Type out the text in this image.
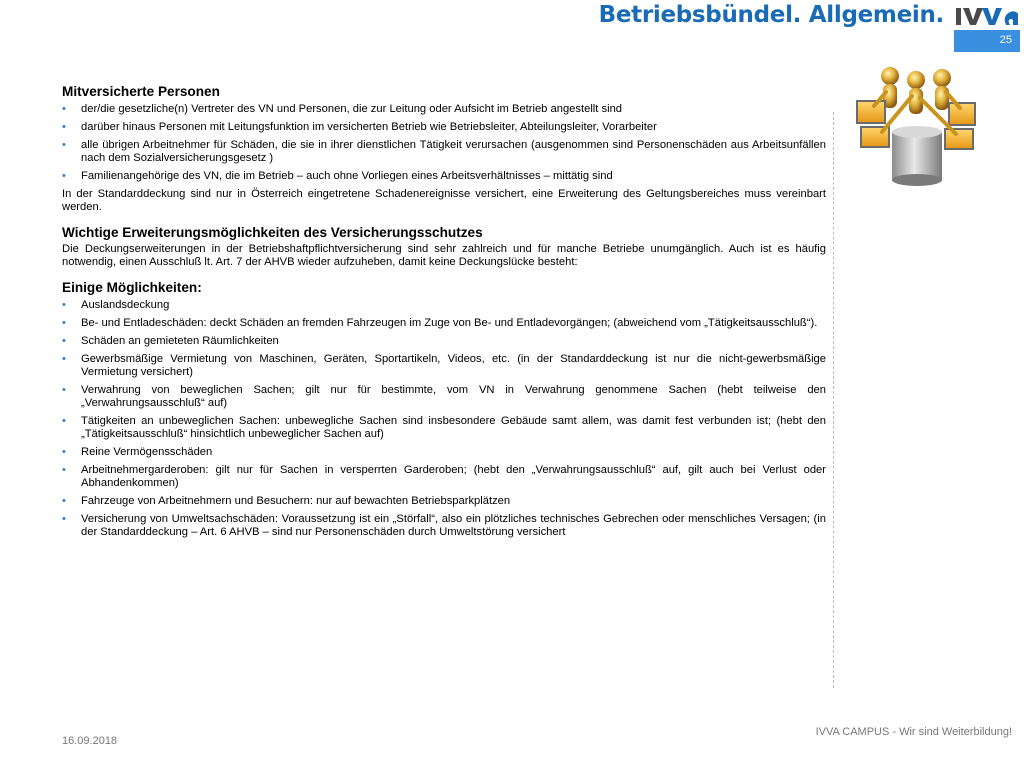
Betriebsbündel. Allgemein.
25
Mitversicherte Personen
• der/die gesetzliche(n) Vertreter des VN und Personen, die zur Leitung oder Aufsicht im Betrieb angestellt sind
• darüber hinaus Personen mit Leitungsfunktion im versicherten Betrieb wie Betriebsleiter, Abteilungsleiter, Vorarbeiter
• alle übrigen Arbeitnehmer für Schäden, die sie in ihrer dienstlichen Tätigkeit verursachen (ausgenommen sind Personenschäden aus Arbeitsunfällen nach dem Sozialversicherungsgesetz )
• Familienangehörige des VN, die im Betrieb – auch ohne Vorliegen eines Arbeitsverhältnisses – mittätig sind

In der Standarddeckung sind nur in Österreich eingetretene Schadenereignisse versichert, eine Erweiterung des Geltungsbereiches muss vereinbart werden.

Wichtige Erweiterungsmöglichkeiten des Versicherungsschutzes

Die Deckungserweiterungen in der Betriebshaftpflichtversicherung sind sehr zahlreich und für manche Betriebe unumgänglich. Auch ist es häufig notwendig, einen Ausschluß lt. Art. 7 der AHVB wieder aufzuheben, damit keine Deckungslücke besteht:

Einige Möglichkeiten:
• Auslandsdeckung
• Be- und Entladeschäden: deckt Schäden an fremden Fahrzeugen im Zuge von Be- und Entladevorgängen; (abweichend vom „Tätigkeitsausschluß“).
• Schäden an gemieteten Räumlichkeiten
• Gewerbsmäßige Vermietung von Maschinen, Geräten, Sportartikeln, Videos, etc. (in der Standarddeckung ist nur die nicht-gewerbsmäßige Vermietung versichert)
• Verwahrung von beweglichen Sachen; gilt nur für bestimmte, vom VN in Verwahrung genommene Sachen (hebt teilweise den „Verwahrungsausschluß“ auf)
• Tätigkeiten an unbeweglichen Sachen: unbewegliche Sachen sind insbesondere Gebäude samt allem, was damit fest verbunden ist; (hebt den „Tätigkeitsausschluß“ hinsichtlich unbeweglicher Sachen auf)
• Reine Vermögensschäden
• Arbeitnehmergarderoben: gilt nur für Sachen in versperrten Garderoben; (hebt den „Verwahrungsausschluß“ auf, gilt auch bei Verlust oder Abhandenkommen)
• Fahrzeuge von Arbeitnehmern und Besuchern: nur auf bewachten Betriebsparkplätzen
• Versicherung von Umweltsachschäden: Voraussetzung ist ein „Störfall“, also ein plötzliches technisches Gebrechen oder menschliches Versagen; (in der Standarddeckung – Art. 6 AHVB – sind nur Personenschäden durch Umweltstörung versichert
16.09.2018
IVVA CAMPUS - Wir sind Weiterbildung!
